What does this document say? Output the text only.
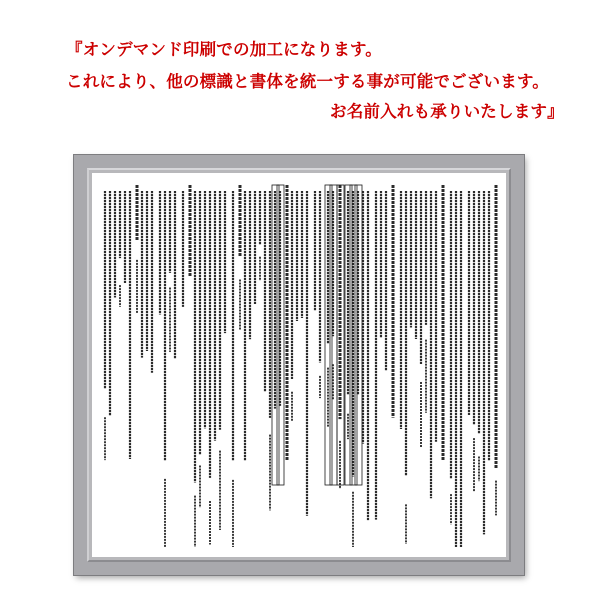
『オンデマンド印刷での加工になります。
これにより、他の標識と書体を統一する事が可能でございます。
お名前入れも承りいたします』
